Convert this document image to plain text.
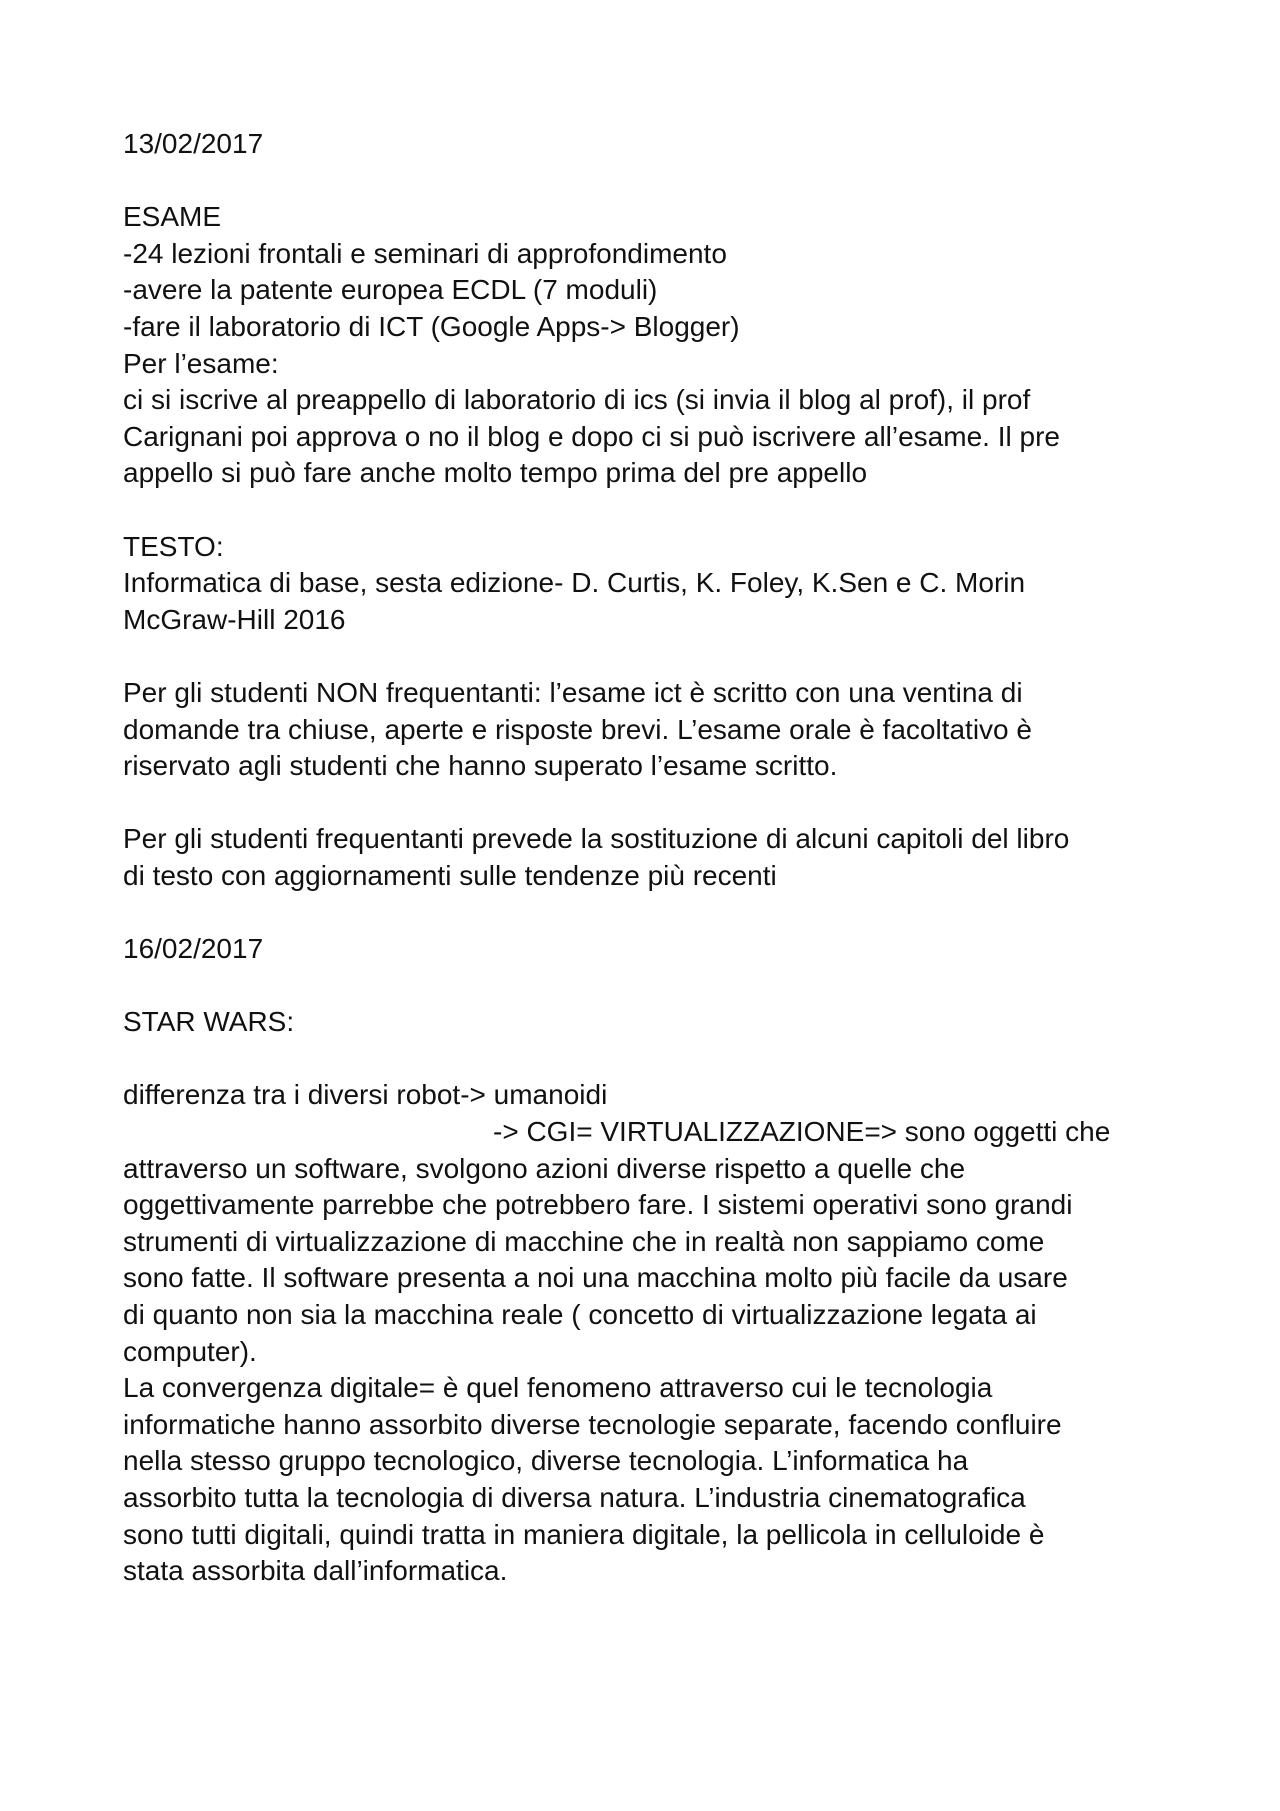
13/02/2017
ESAME
-24 lezioni frontali e seminari di approfondimento
-avere la patente europea ECDL (7 moduli)
-fare il laboratorio di ICT (Google Apps-> Blogger)
Per l’esame:
ci si iscrive al preappello di laboratorio di ics (si invia il blog al prof), il prof
Carignani poi approva o no il blog e dopo ci si può iscrivere all’esame. Il pre
appello si può fare anche molto tempo prima del pre appello
TESTO:
Informatica di base, sesta edizione- D. Curtis, K. Foley, K.Sen e C. Morin
McGraw-Hill 2016
Per gli studenti NON frequentanti: l’esame ict è scritto con una ventina di
domande tra chiuse, aperte e risposte brevi. L’esame orale è facoltativo è
riservato agli studenti che hanno superato l’esame scritto.
Per gli studenti frequentanti prevede la sostituzione di alcuni capitoli del libro
di testo con aggiornamenti sulle tendenze più recenti
16/02/2017
STAR WARS:
differenza tra i diversi robot-> umanoidi
-> CGI= VIRTUALIZZAZIONE=> sono oggetti che
attraverso un software, svolgono azioni diverse rispetto a quelle che
oggettivamente parrebbe che potrebbero fare. I sistemi operativi sono grandi
strumenti di virtualizzazione di macchine che in realtà non sappiamo come
sono fatte. Il software presenta a noi una macchina molto più facile da usare
di quanto non sia la macchina reale ( concetto di virtualizzazione legata ai
computer).
La convergenza digitale= è quel fenomeno attraverso cui le tecnologia
informatiche hanno assorbito diverse tecnologie separate, facendo confluire
nella stesso gruppo tecnologico, diverse tecnologia. L’informatica ha
assorbito tutta la tecnologia di diversa natura. L’industria cinematografica
sono tutti digitali, quindi tratta in maniera digitale, la pellicola in celluloide è
stata assorbita dall’informatica.
